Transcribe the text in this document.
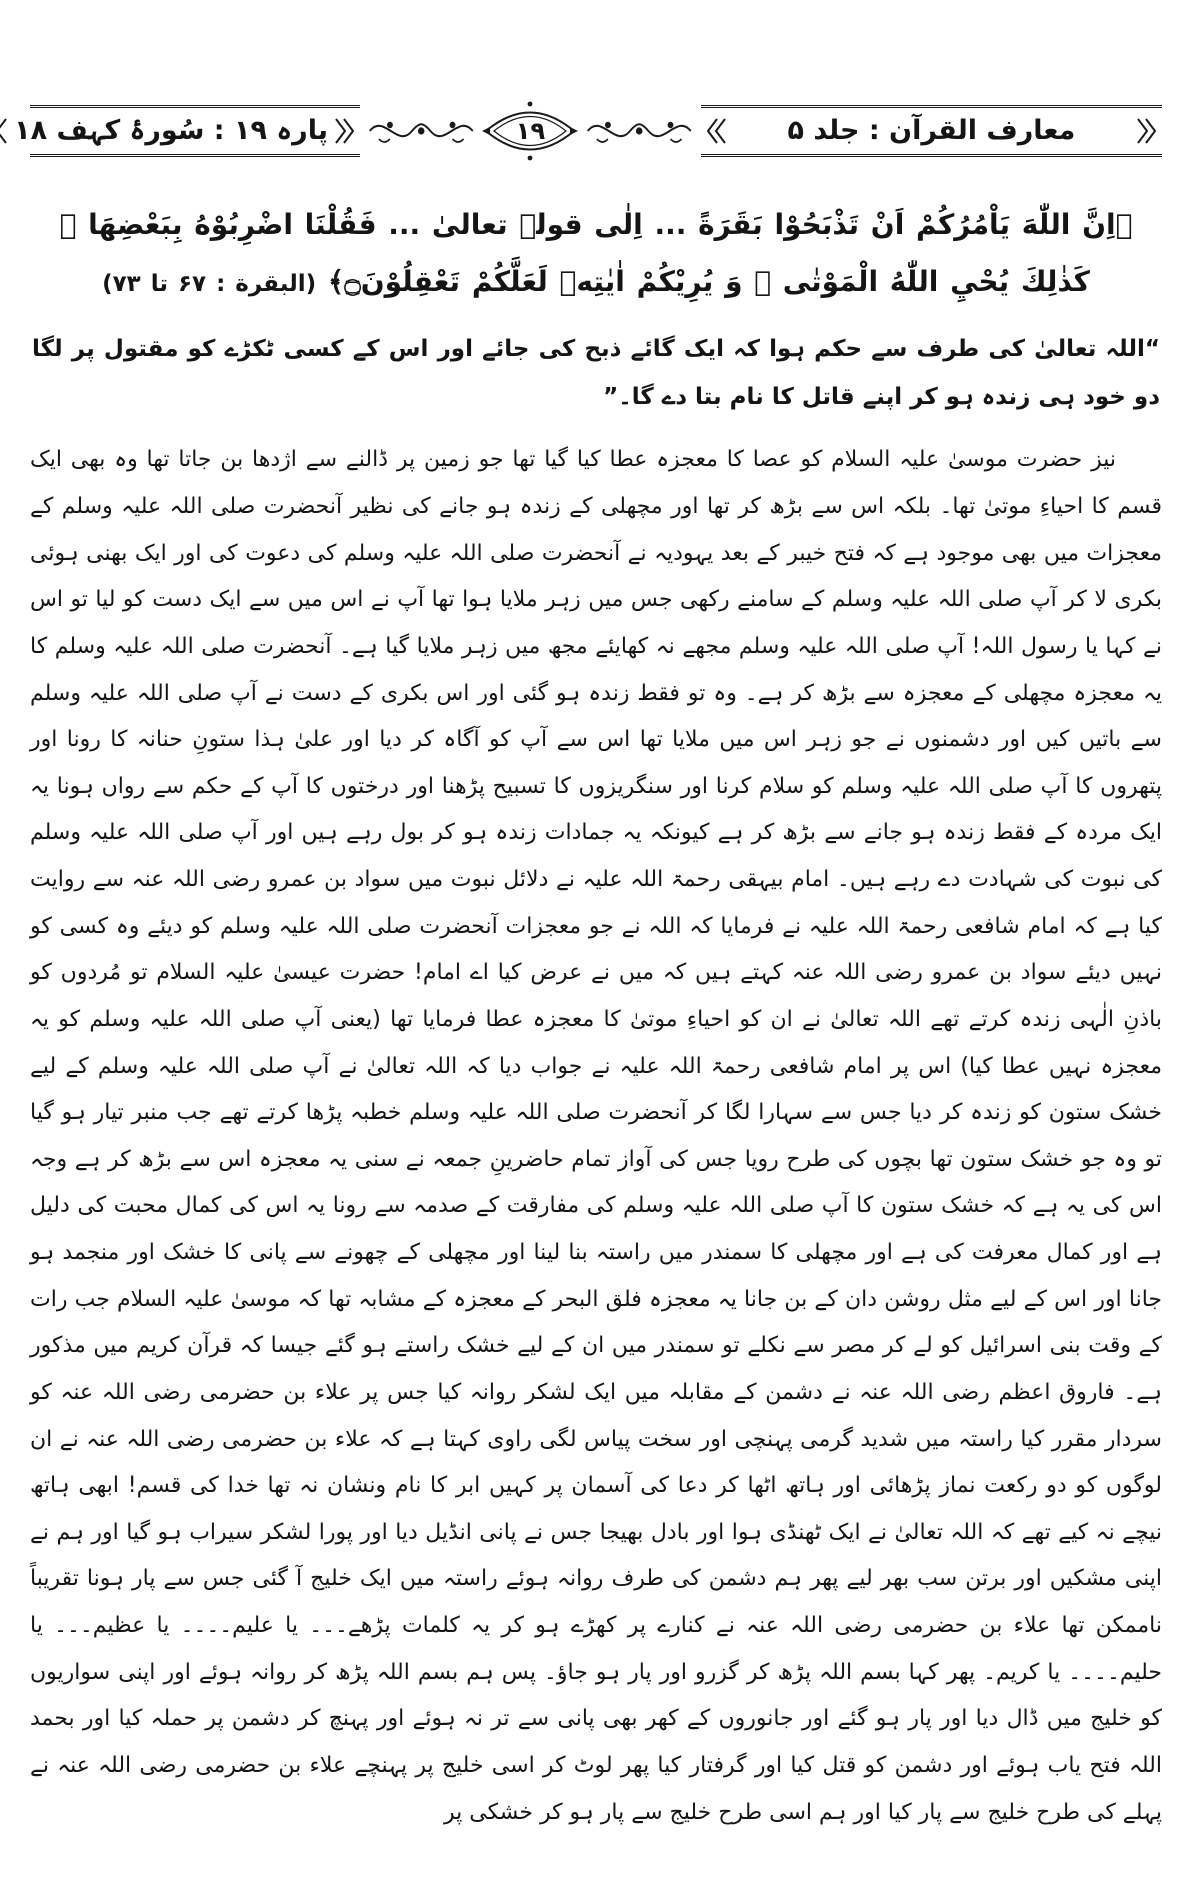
معارف القرآن : جلد ۵
۱۹
پارہ ۱۹ : سُورۂ کہف ۱۸
﴿اِنَّ اللّٰهَ يَاْمُرُكُمْ اَنْ تَذْبَحُوْا بَقَرَةً ... اِلٰى قولہ تعالیٰ ... فَقُلْنَا اضْرِبُوْهُ بِبَعْضِهَا ۚ كَذٰلِكَ يُحْيِ اللّٰهُ الْمَوْتٰى ۙ وَ يُرِيْكُمْ اٰيٰتِهٖ لَعَلَّكُمْ تَعْقِلُوْنَ۝﴾ (البقرة : ۶۷ تا ۷۳)

“اللہ تعالیٰ کی طرف سے حکم ہوا کہ ایک گائے ذبح کی جائے اور اس کے کسی ٹکڑے کو مقتول پر لگا دو خود ہی زندہ ہو کر اپنے قاتل کا نام بتا دے گا۔”

نیز حضرت موسیٰ علیہ السلام کو عصا کا معجزہ عطا کیا گیا تھا جو زمین پر ڈالنے سے اژدھا بن جاتا تھا وہ بھی ایک قسم کا احیاءِ موتیٰ تھا۔ بلکہ اس سے بڑھ کر تھا اور مچھلی کے زندہ ہو جانے کی نظیر آنحضرت صلی اللہ علیہ وسلم کے معجزات میں بھی موجود ہے کہ فتح خیبر کے بعد یہودیہ نے آنحضرت صلی اللہ علیہ وسلم کی دعوت کی اور ایک بھنی ہوئی بکری لا کر آپ صلی اللہ علیہ وسلم کے سامنے رکھی جس میں زہر ملایا ہوا تھا آپ نے اس میں سے ایک دست کو لیا تو اس نے کہا یا رسول اللہ! آپ صلی اللہ علیہ وسلم مجھے نہ کھایئے مجھ میں زہر ملایا گیا ہے۔ آنحضرت صلی اللہ علیہ وسلم کا یہ معجزہ مچھلی کے معجزہ سے بڑھ کر ہے۔ وہ تو فقط زندہ ہو گئی اور اس بکری کے دست نے آپ صلی اللہ علیہ وسلم سے باتیں کیں اور دشمنوں نے جو زہر اس میں ملایا تھا اس سے آپ کو آگاہ کر دیا اور علیٰ ہذا ستونِ حنانہ کا رونا اور پتھروں کا آپ صلی اللہ علیہ وسلم کو سلام کرنا اور سنگریزوں کا تسبیح پڑھنا اور درختوں کا آپ کے حکم سے رواں ہونا یہ ایک مردہ کے فقط زندہ ہو جانے سے بڑھ کر ہے کیونکہ یہ جمادات زندہ ہو کر بول رہے ہیں اور آپ صلی اللہ علیہ وسلم کی نبوت کی شہادت دے رہے ہیں۔ امام بیہقی رحمۃ اللہ علیہ نے دلائل نبوت میں سواد بن عمرو رضی اللہ عنہ سے روایت کیا ہے کہ امام شافعی رحمۃ اللہ علیہ نے فرمایا کہ اللہ نے جو معجزات آنحضرت صلی اللہ علیہ وسلم کو دیئے وہ کسی کو نہیں دیئے سواد بن عمرو رضی اللہ عنہ کہتے ہیں کہ میں نے عرض کیا اے امام! حضرت عیسیٰ علیہ السلام تو مُردوں کو باذنِ الٰہی زندہ کرتے تھے اللہ تعالیٰ نے ان کو احیاءِ موتیٰ کا معجزہ عطا فرمایا تھا (یعنی آپ صلی اللہ علیہ وسلم کو یہ معجزہ نہیں عطا کیا) اس پر امام شافعی رحمۃ اللہ علیہ نے جواب دیا کہ اللہ تعالیٰ نے آپ صلی اللہ علیہ وسلم کے لیے خشک ستون کو زندہ کر دیا جس سے سہارا لگا کر آنحضرت صلی اللہ علیہ وسلم خطبہ پڑھا کرتے تھے جب منبر تیار ہو گیا تو وہ جو خشک ستون تھا بچوں کی طرح رویا جس کی آواز تمام حاضرینِ جمعہ نے سنی یہ معجزہ اس سے بڑھ کر ہے وجہ اس کی یہ ہے کہ خشک ستون کا آپ صلی اللہ علیہ وسلم کی مفارقت کے صدمہ سے رونا یہ اس کی کمال محبت کی دلیل ہے اور کمال معرفت کی ہے اور مچھلی کا سمندر میں راستہ بنا لینا اور مچھلی کے چھونے سے پانی کا خشک اور منجمد ہو جانا اور اس کے لیے مثل روشن دان کے بن جانا یہ معجزہ فلق البحر کے معجزہ کے مشابہ تھا کہ موسیٰ علیہ السلام جب رات کے وقت بنی اسرائیل کو لے کر مصر سے نکلے تو سمندر میں ان کے لیے خشک راستے ہو گئے جیسا کہ قرآن کریم میں مذکور ہے۔ فاروق اعظم رضی اللہ عنہ نے دشمن کے مقابلہ میں ایک لشکر روانہ کیا جس پر علاء بن حضرمی رضی اللہ عنہ کو سردار مقرر کیا راستہ میں شدید گرمی پہنچی اور سخت پیاس لگی راوی کہتا ہے کہ علاء بن حضرمی رضی اللہ عنہ نے ان لوگوں کو دو رکعت نماز پڑھائی اور ہاتھ اٹھا کر دعا کی آسمان پر کہیں ابر کا نام ونشان نہ تھا خدا کی قسم! ابھی ہاتھ نیچے نہ کیے تھے کہ اللہ تعالیٰ نے ایک ٹھنڈی ہوا اور بادل بھیجا جس نے پانی انڈیل دیا اور پورا لشکر سیراب ہو گیا اور ہم نے اپنی مشکیں اور برتن سب بھر لیے پھر ہم دشمن کی طرف روانہ ہوئے راستہ میں ایک خلیج آ گئی جس سے پار ہونا تقریباً ناممکن تھا علاء بن حضرمی رضی اللہ عنہ نے کنارے پر کھڑے ہو کر یہ کلمات پڑھے۔۔۔ یا علیم۔۔۔۔ یا عظیم۔۔۔ یا حلیم۔۔۔۔ یا کریم۔ پھر کہا بسم اللہ پڑھ کر گزرو اور پار ہو جاؤ۔ پس ہم بسم اللہ پڑھ کر روانہ ہوئے اور اپنی سواریوں کو خلیج میں ڈال دیا اور پار ہو گئے اور جانوروں کے کھر بھی پانی سے تر نہ ہوئے اور پہنچ کر دشمن پر حملہ کیا اور بحمد اللہ فتح یاب ہوئے اور دشمن کو قتل کیا اور گرفتار کیا پھر لوٹ کر اسی خلیج پر پہنچے علاء بن حضرمی رضی اللہ عنہ نے پہلے کی طرح خلیج سے پار کیا اور ہم اسی طرح خلیج سے پار ہو کر خشکی پر
